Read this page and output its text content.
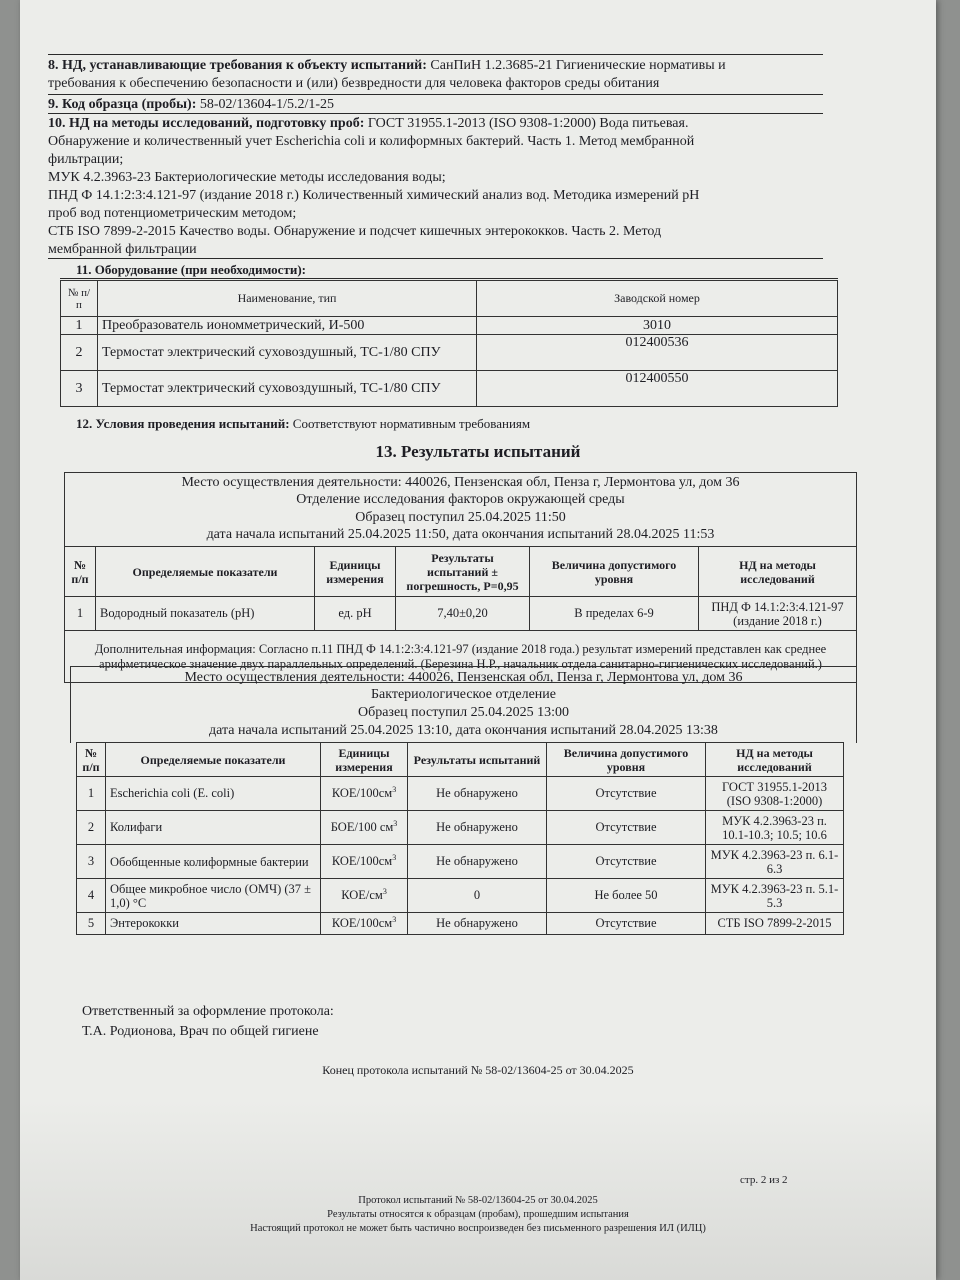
8. НД, устанавливающие требования к объекту испытаний: СанПиН 1.2.3685-21 Гигиенические нормативы и
требования к обеспечению безопасности и (или) безвредности для человека факторов среды обитания
9. Код образца (пробы): 58-02/13604-1/5.2/1-25
10. НД на методы исследований, подготовку проб: ГОСТ 31955.1-2013 (ISO 9308-1:2000) Вода питьевая.
Обнаружение и количественный учет Escherichia coli и колиформных бактерий. Часть 1. Метод мембранной
фильтрации;
МУК 4.2.3963-23 Бактериологические методы исследования воды;
ПНД Ф 14.1:2:3:4.121-97 (издание 2018 г.) Количественный химический анализ вод. Методика измерений pH
проб вод потенциометрическим методом;
СТБ ISO 7899-2-2015 Качество воды. Обнаружение и подсчет кишечных энтерококков. Часть 2. Метод
мембранной фильтрации
11. Оборудование (при необходимости):
№ п/п	Наименование, тип	Заводской номер
1	Преобразователь иономметрический, И-500	3010
2	Термостат электрический суховоздушный, ТС-1/80 СПУ	012400536
3	Термостат электрический суховоздушный, ТС-1/80 СПУ	012400550
12. Условия проведения испытаний: Соответствуют нормативным требованиям
13. Результаты испытаний
Место осуществления деятельности: 440026, Пензенская обл, Пенза г, Лермонтова ул, дом 36
Отделение исследования факторов окружающей среды
Образец поступил 25.04.2025 11:50
дата начала испытаний 25.04.2025 11:50, дата окончания испытаний 28.04.2025 11:53
№ п/п	Определяемые показатели	Единицы измерения	Результаты испытаний ± погрешность, Р=0,95	Величина допустимого уровня	НД на методы исследований
1	Водородный показатель (pH)	ед. pH	7,40±0,20	В пределах 6-9	ПНД Ф 14.1:2:3:4.121-97 (издание 2018 г.)
Дополнительная информация: Согласно п.11 ПНД Ф 14.1:2:3:4.121-97 (издание 2018 года.) результат измерений представлен как среднее арифметическое значение двух параллельных определений. (Березина Н.Р., начальник отдела санитарно-гигиенических исследований.)					
Место осуществления деятельности: 440026, Пензенская обл, Пенза г, Лермонтова ул, дом 36
Бактериологическое отделение
Образец поступил 25.04.2025 13:00
дата начала испытаний 25.04.2025 13:10, дата окончания испытаний 28.04.2025 13:38
№ п/п	Определяемые показатели	Единицы измерения	Результаты испытаний	Величина допустимого уровня	НД на методы исследований
1	Escherichia coli (E. coli)	КОЕ/$100см^3$	Не обнаружено	Отсутствие	ГОСТ 31955.1-2013 (ISO 9308-1:2000)
2	Колифаги	БОЕ/100 $см^3$	Не обнаружено	Отсутствие	МУК 4.2.3963-23 п. 10.1-10.3; 10.5; 10.6
3	Обобщенные колиформные бактерии	КОЕ/$100см^3$	Не обнаружено	Отсутствие	МУК 4.2.3963-23 п. 6.1-6.3
4	Общее микробное число (ОМЧ) (37 ± 1,0) °С	КОЕ/$см^3$	0	Не более 50	МУК 4.2.3963-23 п. 5.1-5.3
5	Энтерококки	КОЕ/$100см^3$	Не обнаружено	Отсутствие	СТБ ISO 7899-2-2015
Ответственный за оформление протокола:
Т.А. Родионова, Врач по общей гигиене
Конец протокола испытаний № 58-02/13604-25 от 30.04.2025
стр. 2 из 2
Протокол испытаний № 58-02/13604-25 от 30.04.2025
Результаты относятся к образцам (пробам), прошедшим испытания
Настоящий протокол не может быть частично воспроизведен без письменного разрешения ИЛ (ИЛЦ)
